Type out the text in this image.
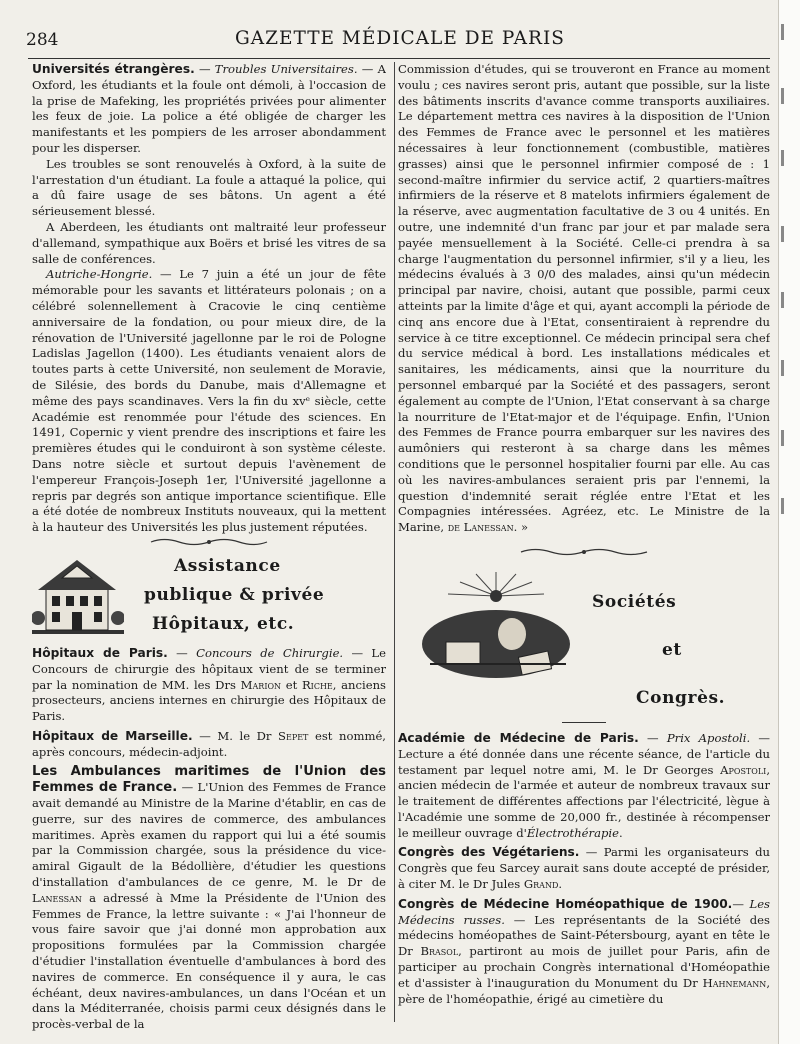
284	GAZETTE MÉDICALE DE PARIS

Universités étrangères. — Troubles Universitaires. — A Oxford, les étudiants et la foule ont démoli, à l'occasion de la prise de Mafeking, les propriétés privées pour alimenter les feux de joie. La police a été obligée de charger les manifestants et les pompiers de les arroser abondamment pour les disperser.

Les troubles se sont renouvelés à Oxford, à la suite de l'arrestation d'un étudiant. La foule a attaqué la police, qui a dû faire usage de ses bâtons. Un agent a été sérieusement blessé.

A Aberdeen, les étudiants ont maltraité leur professeur d'allemand, sympathique aux Boërs et brisé les vitres de sa salle de conférences.

Autriche-Hongrie. — Le 7 juin a été un jour de fête mémorable pour les savants et littérateurs polonais ; on a célébré solennellement à Cracovie le cinq centième anniversaire de la fondation, ou pour mieux dire, de la rénovation de l'Université jagellonne par le roi de Pologne Ladislas Jagellon (1400). Les étudiants venaient alors de toutes parts à cette Université, non seulement de Moravie, de Silésie, des bords du Danube, mais d'Allemagne et même des pays scandinaves. Vers la fin du xvᵉ siècle, cette Académie est renommée pour l'étude des sciences. En 1491, Copernic y vient prendre des inscriptions et faire les premières études qui le conduiront à son système céleste. Dans notre siècle et surtout depuis l'avènement de l'empereur François-Joseph 1er, l'Université jagellonne a repris par degrés son antique importance scientifique. Elle a été dotée de nombreux Instituts nouveaux, qui la mettent à la hauteur des Universités les plus justement réputées.

Assistance
publique & privée
Hôpitaux, etc.

Hôpitaux de Paris. — Concours de Chirurgie. — Le Concours de chirurgie des hôpitaux vient de se terminer par la nomination de MM. les Drs Marion et Riche, anciens prosecteurs, anciens internes en chirurgie des Hôpitaux de Paris.

Hôpitaux de Marseille. — M. le Dr Sepet est nommé, après concours, médecin-adjoint.

Les Ambulances maritimes de l'Union des Femmes de France. — L'Union des Femmes de France avait demandé au Ministre de la Marine d'établir, en cas de guerre, sur des navires de commerce, des ambulances maritimes. Après examen du rapport qui lui a été soumis par la Commission chargée, sous la présidence du vice-amiral Gigault de la Bédollière, d'étudier les questions d'installation d'ambulances de ce genre, M. le Dr de Lanessan a adressé à Mme la Présidente de l'Union des Femmes de France, la lettre suivante : « J'ai l'honneur de vous faire savoir que j'ai donné mon approbation aux propositions formulées par la Commission chargée d'étudier l'installation éventuelle d'ambulances à bord des navires de commerce. En conséquence il y aura, le cas échéant, deux navires-ambulances, un dans l'Océan et un dans la Méditerranée, choisis parmi ceux désignés dans le procès-verbal de la

Commission d'études, qui se trouveront en France au moment voulu ; ces navires seront pris, autant que possible, sur la liste des bâtiments inscrits d'avance comme transports auxiliaires. Le département mettra ces navires à la disposition de l'Union des Femmes de France avec le personnel et les matières nécessaires à leur fonctionnement (combustible, matières grasses) ainsi que le personnel infirmier composé de : 1 second-maître infirmier du service actif, 2 quartiers-maîtres infirmiers de la réserve et 8 matelots infirmiers également de la réserve, avec augmentation facultative de 3 ou 4 unités. En outre, une indemnité d'un franc par jour et par malade sera payée mensuellement à la Société. Celle-ci prendra à sa charge l'augmentation du personnel infirmier, s'il y a lieu, les médecins évalués à 3 0/0 des malades, ainsi qu'un médecin principal par navire, choisi, autant que possible, parmi ceux atteints par la limite d'âge et qui, ayant accompli la période de cinq ans encore due à l'Etat, consentiraient à reprendre du service à ce titre exceptionnel. Ce médecin principal sera chef du service médical à bord. Les installations médicales et sanitaires, les médicaments, ainsi que la nourriture du personnel embarqué par la Société et des passagers, seront également au compte de l'Union, l'Etat conservant à sa charge la nourriture de l'Etat-major et de l'équipage. Enfin, l'Union des Femmes de France pourra embarquer sur les navires des aumôniers qui resteront à sa charge dans les mêmes conditions que le personnel hospitalier fourni par elle. Au cas où les navires-ambulances seraient pris par l'ennemi, la question d'indemnité serait réglée entre l'Etat et les Compagnies intéressées. Agréez, etc. Le Ministre de la Marine, de Lanessan. »

Sociétés
et
Congrès.

Académie de Médecine de Paris. — Prix Apostoli. — Lecture a été donnée dans une récente séance, de l'article du testament par lequel notre ami, M. le Dr Georges Apostoli, ancien médecin de l'armée et auteur de nombreux travaux sur le traitement de différentes affections par l'électricité, lègue à l'Académie une somme de 20,000 fr., destinée à récompenser le meilleur ouvrage d'Électrothérapie.

Congrès des Végétariens. — Parmi les organisateurs du Congrès que feu Sarcey aurait sans doute accepté de présider, à citer M. le Dr Jules Grand.

Congrès de Médecine Homéopathique de 1900.— Les Médecins russes. — Les représentants de la Société des médecins homéopathes de Saint-Pétersbourg, ayant en tête le Dr Brasol, partiront au mois de juillet pour Paris, afin de participer au prochain Congrès international d'Homéopathie et d'assister à l'inauguration du Monument du Dr Hahnemann, père de l'homéopathie, érigé au cimetière du
